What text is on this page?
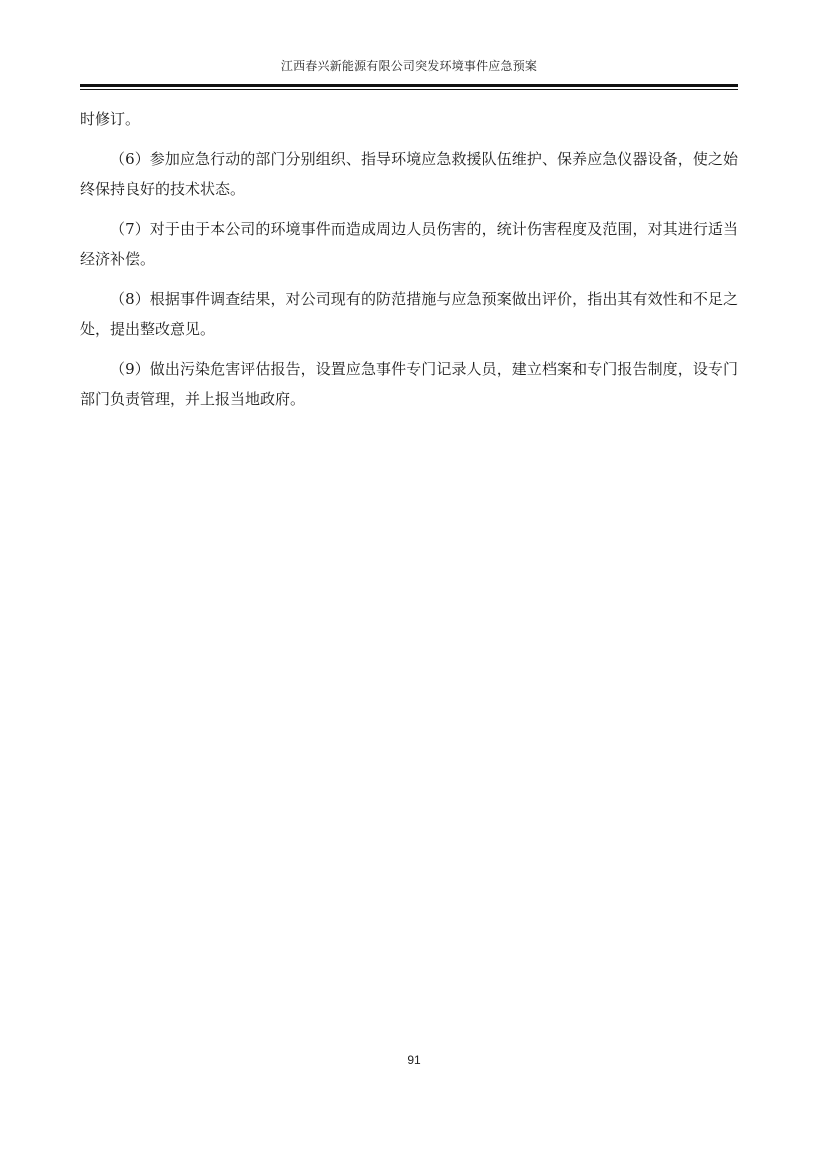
江西春兴新能源有限公司突发环境事件应急预案

时修订。

（6）参加应急行动的部门分别组织、指导环境应急救援队伍维护、保养应急仪器设备，使之始终保持良好的技术状态。

（7）对于由于本公司的环境事件而造成周边人员伤害的，统计伤害程度及范围，对其进行适当经济补偿。

（8）根据事件调查结果，对公司现有的防范措施与应急预案做出评价，指出其有效性和不足之处，提出整改意见。

（9）做出污染危害评估报告，设置应急事件专门记录人员，建立档案和专门报告制度，设专门部门负责管理，并上报当地政府。

91
